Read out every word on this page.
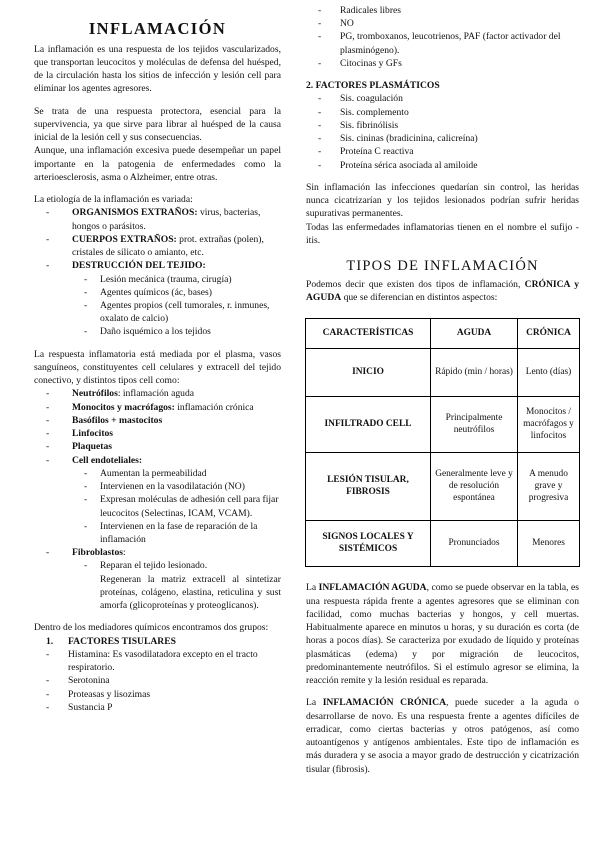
INFLAMACIÓN

La inflamación es una respuesta de los tejidos vascularizados, que transportan leucocitos y moléculas de defensa del huésped, de la circulación hasta los sitios de infección y lesión cell para eliminar los agentes agresores.

Se trata de una respuesta protectora, esencial para la supervivencia, ya que sirve para librar al huésped de la causa inicial de la lesión cell y sus consecuencias.

Aunque, una inflamación excesiva puede desempeñar un papel importante en la patogenia de enfermedades como la arterioesclerosis, asma o Alzheimer, entre otras.

La etiología de la inflamación es variada:

- ORGANISMOS EXTRAÑOS: virus, bacterias, hongos o parásitos.
- CUERPOS EXTRAÑOS: prot. extrañas (polen), cristales de silicato o amianto, etc.
- DESTRUCCIÓN DEL TEJIDO:
- Lesión mecánica (trauma, cirugía)
- Agentes químicos (ác, bases)
- Agentes propios (cell tumorales, r. inmunes, oxalato de calcio)
- Daño isquémico a los tejidos

La respuesta inflamatoria está mediada por el plasma, vasos sanguíneos, constituyentes cell celulares y extracell del tejido conectivo, y distintos tipos cell como:

- Neutrófilos: inflamación aguda
- Monocitos y macrófagos: inflamación crónica
- Basófilos + mastocitos
- Linfocitos
- Plaquetas
- Cell endoteliales:
- Aumentan la permeabilidad
- Intervienen en la vasodilatación (NO)
- Expresan moléculas de adhesión cell para fijar leucocitos (Selectinas, ICAM, VCAM).
- Intervienen en la fase de reparación de la inflamación
- Fibroblastos:
- Reparan el tejido lesionado.
Regeneran la matriz extracell al sintetizar proteínas, colágeno, elastina, reticulina y sust amorfa (glicoproteínas y proteoglicanos).

Dentro de los mediadores químicos encontramos dos grupos:

1. FACTORES TISULARES
- Histamina: Es vasodilatadora excepto en el tracto respiratorio.
- Serotonina
- Proteasas y lisozimas
- Sustancia P
- Radicales libres
- NO
- PG, tromboxanos, leucotrienos, PAF (factor activador del plasminógeno).
- Citocinas y GFs
2. FACTORES PLASMÁTICOS
- Sis. coagulación
- Sis. complemento
- Sis. fibrinólisis
- Sis. cininas (bradicinina, calicreína)
- Proteína C reactiva
- Proteína sérica asociada al amiloide

Sin inflamación las infecciones quedarían sin control, las heridas nunca cicatrizarían y los tejidos lesionados podrían sufrir heridas supurativas permanentes.

Todas las enfermedades inflamatorias tienen en el nombre el sufijo -itis.

TIPOS DE INFLAMACIÓN

Podemos decir que existen dos tipos de inflamación, CRÓNICA y AGUDA que se diferencian en distintos aspectos:

CARACTERÍSTICAS	AGUDA	CRÓNICA
INICIO	Rápido (min / horas)	Lento (días)
INFILTRADO CELL	Principalmente neutrófilos	Monocitos / macrófagos y linfocitos
LESIÓN TISULAR, FIBROSIS	Generalmente leve y de resolución espontánea	A menudo grave y progresiva
SIGNOS LOCALES Y SISTÉMICOS	Pronunciados	Menores

La INFLAMACIÓN AGUDA, como se puede observar en la tabla, es una respuesta rápida frente a agentes agresores que se eliminan con facilidad, como muchas bacterias y hongos, y cell muertas. Habitualmente aparece en minutos u horas, y su duración es corta (de horas a pocos días). Se caracteriza por exudado de líquido y proteínas plasmáticas (edema) y por migración de leucocitos, predominantemente neutrófilos. Si el estímulo agresor se elimina, la reacción remite y la lesión residual es reparada.

La INFLAMACIÓN CRÓNICA, puede suceder a la aguda o desarrollarse de novo. Es una respuesta frente a agentes difíciles de erradicar, como ciertas bacterias y otros patógenos, así como autoantígenos y antígenos ambientales. Este tipo de inflamación es más duradera y se asocia a mayor grado de destrucción y cicatrización tisular (fibrosis).
